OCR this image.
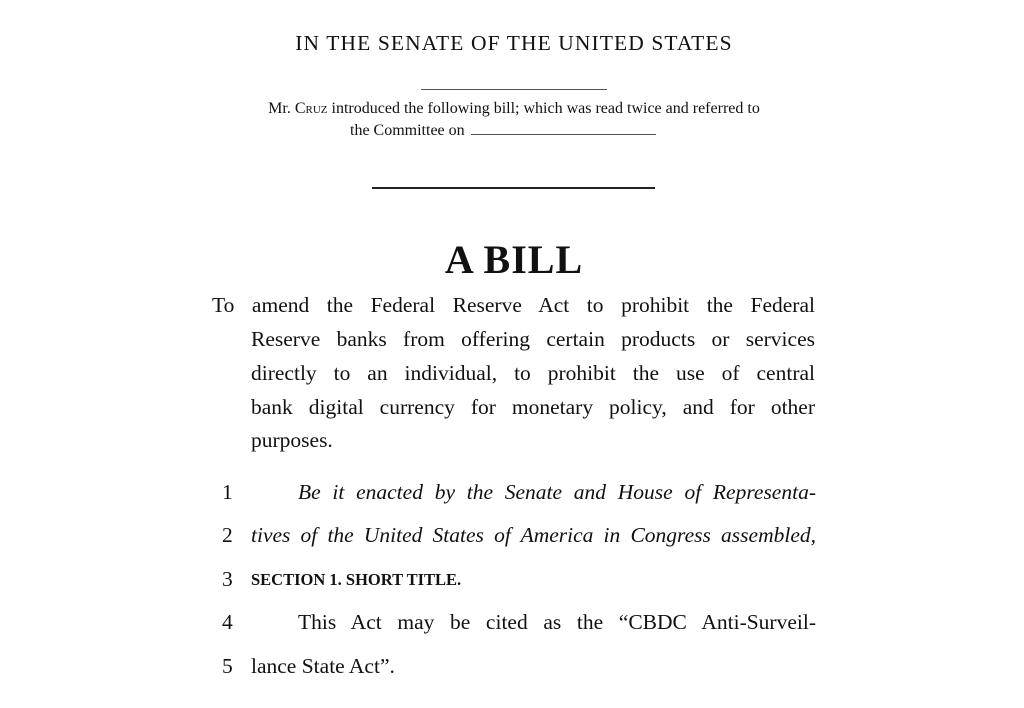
IN THE SENATE OF THE UNITED STATES
Mr. Cruz introduced the following bill; which was read twice and referred to
the Committee on
A BILL
To amend the Federal Reserve Act to prohibit the Federal
Reserve banks from offering certain products or services
directly to an individual, to prohibit the use of central
bank digital currency for monetary policy, and for other
purposes.
1	Be it enacted by the Senate and House of Representa-
2 tives of the United States of America in Congress assembled,
3	SECTION 1. SHORT TITLE.
4	This Act may be cited as the “CBDC Anti-Surveil-
5 lance State Act”.
